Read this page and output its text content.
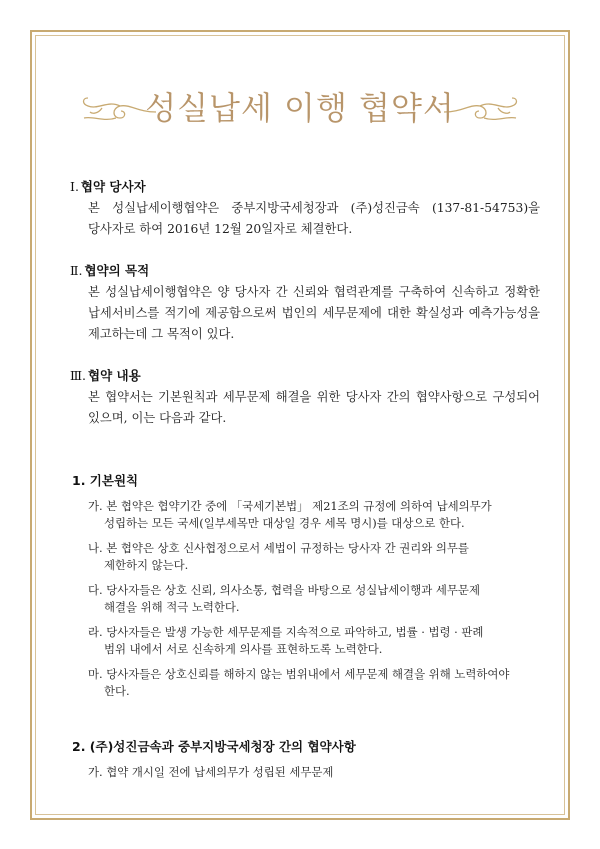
성실납세 이행 협약서

Ⅰ. 협약 당사자

본 성실납세이행협약은 중부지방국세청장과 (주)성진금속 (137-81-54753)을 당사자로 하여 2016년 12월 20일자로 체결한다.

Ⅱ. 협약의 목적

본 성실납세이행협약은 양 당사자 간 신뢰와 협력관계를 구축하여 신속하고 정확한 납세서비스를 적기에 제공함으로써 법인의 세무문제에 대한 확실성과 예측가능성을 제고하는데 그 목적이 있다.

Ⅲ. 협약 내용

본 협약서는 기본원칙과 세무문제 해결을 위한 당사자 간의 협약사항으로 구성되어 있으며, 이는 다음과 같다.

1. 기본원칙

가. 본 협약은 협약기간 중에 「국세기본법」 제21조의 규정에 의하여 납세의무가
성립하는 모든 국세(일부세목만 대상일 경우 세목 명시)를 대상으로 한다.
나. 본 협약은 상호 신사협정으로서 세법이 규정하는 당사자 간 권리와 의무를
제한하지 않는다.
다. 당사자들은 상호 신뢰, 의사소통, 협력을 바탕으로 성실납세이행과 세무문제
해결을 위해 적극 노력한다.
라. 당사자들은 발생 가능한 세무문제를 지속적으로 파악하고, 법률 · 법령 · 판례
범위 내에서 서로 신속하게 의사를 표현하도록 노력한다.
마. 당사자들은 상호신뢰를 해하지 않는 범위내에서 세무문제 해결을 위해 노력하여야
한다.

2. (주)성진금속과 중부지방국세청장 간의 협약사항

가. 협약 개시일 전에 납세의무가 성립된 세무문제
